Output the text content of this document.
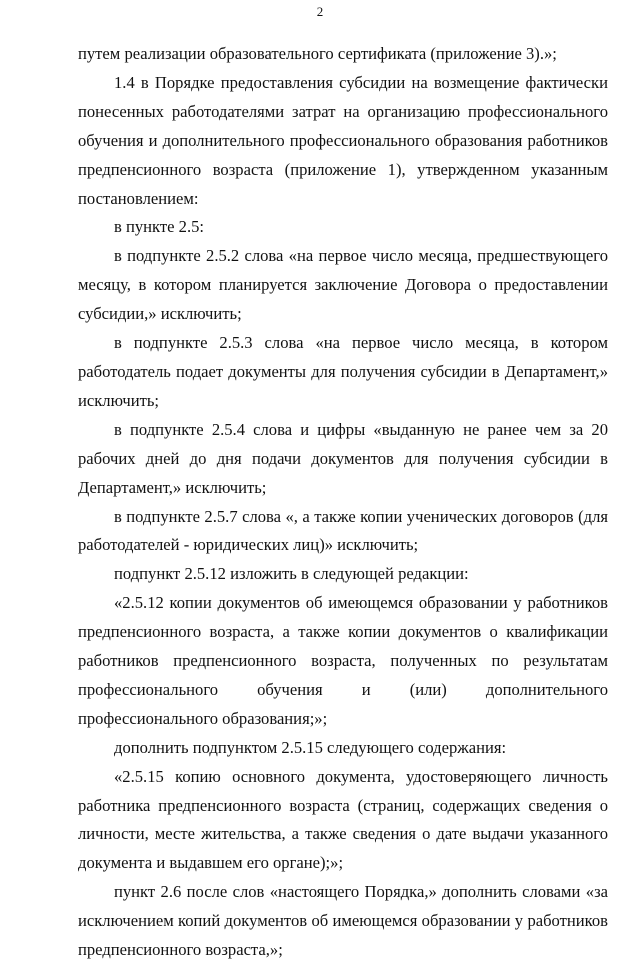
2

путем реализации образовательного сертификата (приложение 3).»;

1.4 в Порядке предоставления субсидии на возмещение фактически понесенных работодателями затрат на организацию профессионального обучения и дополнительного профессионального образования работников предпенсионного возраста (приложение 1), утвержденном указанным постановлением:

в пункте 2.5:

в подпункте 2.5.2 слова «на первое число месяца, предшествующего месяцу, в котором планируется заключение Договора о предоставлении субсидии,» исключить;

в подпункте 2.5.3 слова «на первое число месяца, в котором работодатель подает документы для получения субсидии в Департамент,» исключить;

в подпункте 2.5.4 слова и цифры «выданную не ранее чем за 20 рабочих дней до дня подачи документов для получения субсидии в Департамент,» исключить;

в подпункте 2.5.7 слова «, а также копии ученических договоров (для работодателей - юридических лиц)» исключить;

подпункт 2.5.12 изложить в следующей редакции:

«2.5.12 копии документов об имеющемся образовании у работников предпенсионного возраста, а также копии документов о квалификации работников предпенсионного возраста, полученных по результатам профессионального обучения и (или) дополнительного профессионального образования;»;

дополнить подпунктом 2.5.15 следующего содержания:

«2.5.15 копию основного документа, удостоверяющего личность работника предпенсионного возраста (страниц, содержащих сведения о личности, месте жительства, а также сведения о дате выдачи указанного документа и выдавшем его органе);»;

пункт 2.6 после слов «настоящего Порядка,» дополнить словами «за исключением копий документов об имеющемся образовании у работников предпенсионного возраста,»;
